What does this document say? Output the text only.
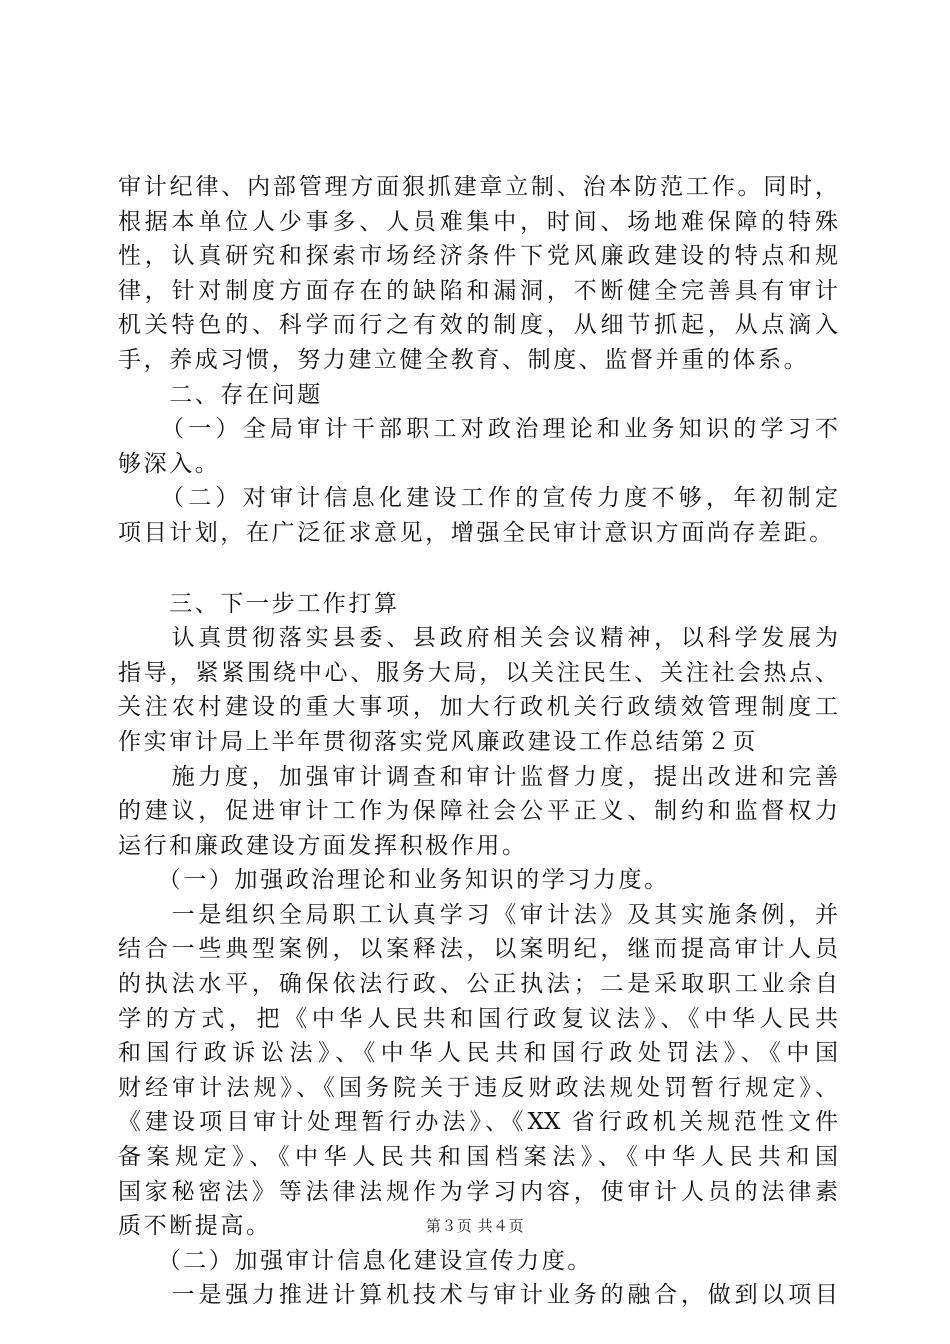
审计纪律、内部管理方面狠抓建章立制、治本防范工作。同时，
根据本单位人少事多、人员难集中，时间、场地难保障的特殊
性，认真研究和探索市场经济条件下党风廉政建设的特点和规
律，针对制度方面存在的缺陷和漏洞，不断健全完善具有审计
机关特色的、科学而行之有效的制度，从细节抓起，从点滴入
手，养成习惯，努力建立健全教育、制度、监督并重的体系。
　　二、存在问题
　　（一）全局审计干部职工对政治理论和业务知识的学习不
够深入。
　　（二）对审计信息化建设工作的宣传力度不够，年初制定
项目计划，在广泛征求意见，增强全民审计意识方面尚存差距。
　　三、下一步工作打算
　　认真贯彻落实县委、县政府相关会议精神，以科学发展为
指导，紧紧围绕中心、服务大局，以关注民生、关注社会热点、
关注农村建设的重大事项，加大行政机关行政绩效管理制度工
作实审计局上半年贯彻落实党风廉政建设工作总结第２页
　　施力度，加强审计调查和审计监督力度，提出改进和完善
的建议，促进审计工作为保障社会公平正义、制约和监督权力
运行和廉政建设方面发挥积极作用。
　　（一）加强政治理论和业务知识的学习力度。
　　一是组织全局职工认真学习《审计法》及其实施条例，并
结合一些典型案例，以案释法，以案明纪，继而提高审计人员
的执法水平，确保依法行政、公正执法；二是采取职工业余自
学的方式，把《中华人民共和国行政复议法》、《中华人民共
和国行政诉讼法》、《中华人民共和国行政处罚法》、《中国
财经审计法规》、《国务院关于违反财政法规处罚暂行规定》、
《建设项目审计处理暂行办法》、《XX 省行政机关规范性文件
备案规定》、《中华人民共和国档案法》、《中华人民共和国
国家秘密法》等法律法规作为学习内容，使审计人员的法律素
质不断提高。
　　（二）加强审计信息化建设宣传力度。
　　一是强力推进计算机技术与审计业务的融合，做到以项目
第３页 共４页
